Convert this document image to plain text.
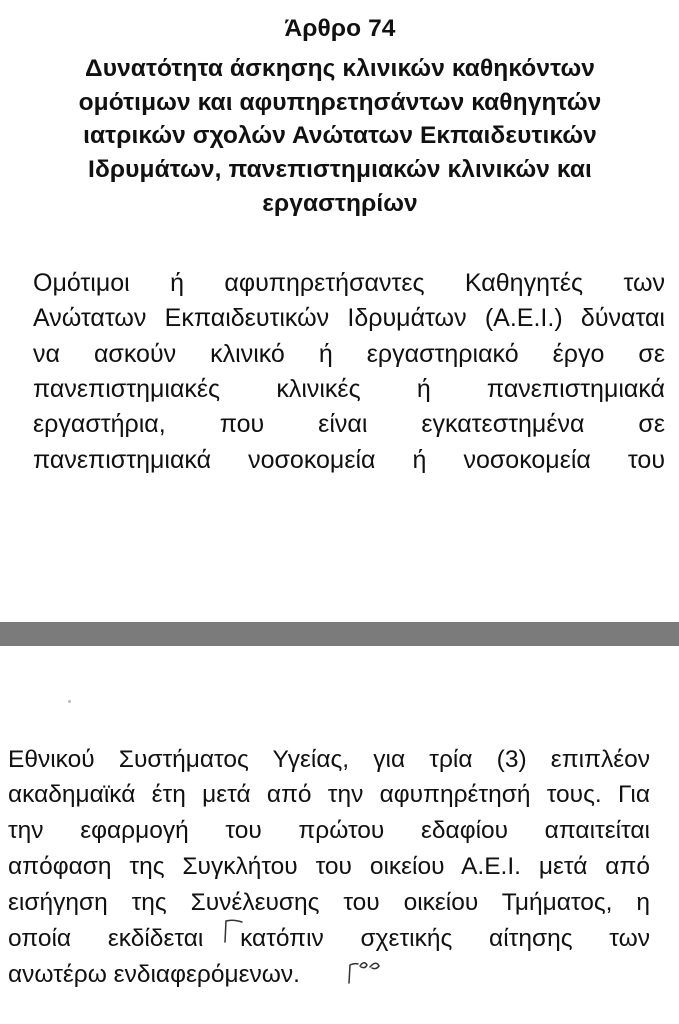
Άρθρο 74
Δυνατότητα άσκησης κλινικών καθηκόντων
ομότιμων και αφυπηρετησάντων καθηγητών
ιατρικών σχολών Ανώτατων Εκπαιδευτικών
Ιδρυμάτων, πανεπιστημιακών κλινικών και
εργαστηρίων
Ομότιμοι ή αφυπηρετήσαντες Καθηγητές των
Ανώτατων Εκπαιδευτικών Ιδρυμάτων (Α.Ε.Ι.) δύναται
να ασκούν κλινικό ή εργαστηριακό έργο σε
πανεπιστημιακές κλινικές ή πανεπιστημιακά
εργαστήρια, που είναι εγκατεστημένα σε
πανεπιστημιακά νοσοκομεία ή νοσοκομεία του
Εθνικού Συστήματος Υγείας, για τρία (3) επιπλέον
ακαδημαϊκά έτη μετά από την αφυπηρέτησή τους. Για
την εφαρμογή του πρώτου εδαφίου απαιτείται
απόφαση της Συγκλήτου του οικείου Α.Ε.Ι. μετά από
εισήγηση της Συνέλευσης του οικείου Τμήματος, η
οποία εκδίδεται κατόπιν σχετικής αίτησης των
ανωτέρω ενδιαφερόμενων.
